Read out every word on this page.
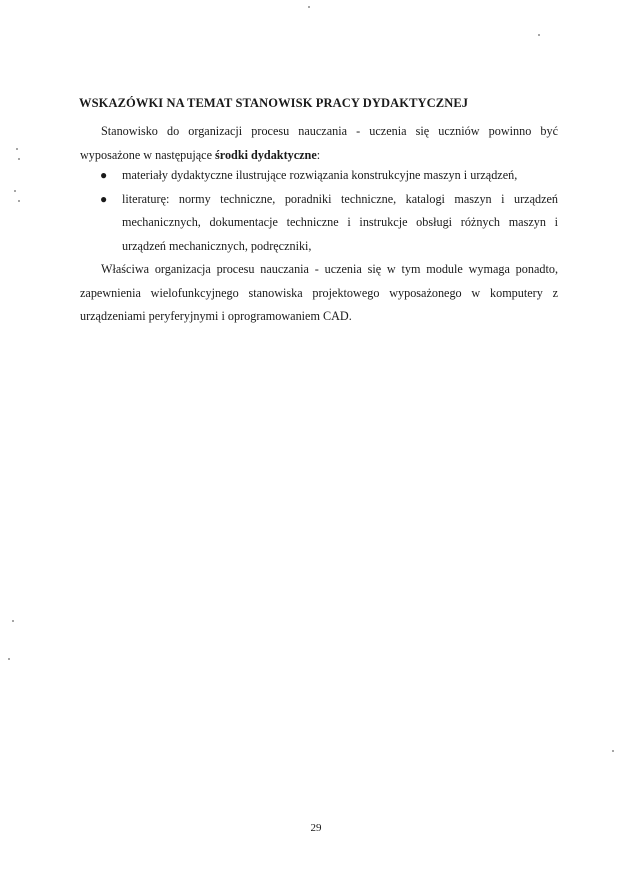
WSKAZÓWKI NA TEMAT STANOWISK PRACY DYDAKTYCZNEJ
Stanowisko do organizacji procesu nauczania - uczenia się uczniów powinno być wyposażone w następujące środki dydaktyczne:
● materiały dydaktyczne ilustrujące rozwiązania konstrukcyjne maszyn i urządzeń,
● literaturę: normy techniczne, poradniki techniczne, katalogi maszyn i urządzeń mechanicznych, dokumentacje techniczne i instrukcje obsługi różnych maszyn i urządzeń mechanicznych, podręczniki,
Właściwa organizacja procesu nauczania - uczenia się w tym module wymaga ponadto, zapewnienia wielofunkcyjnego stanowiska projektowego wyposażonego w komputery z urządzeniami peryferyjnymi i oprogramowaniem CAD.
29
